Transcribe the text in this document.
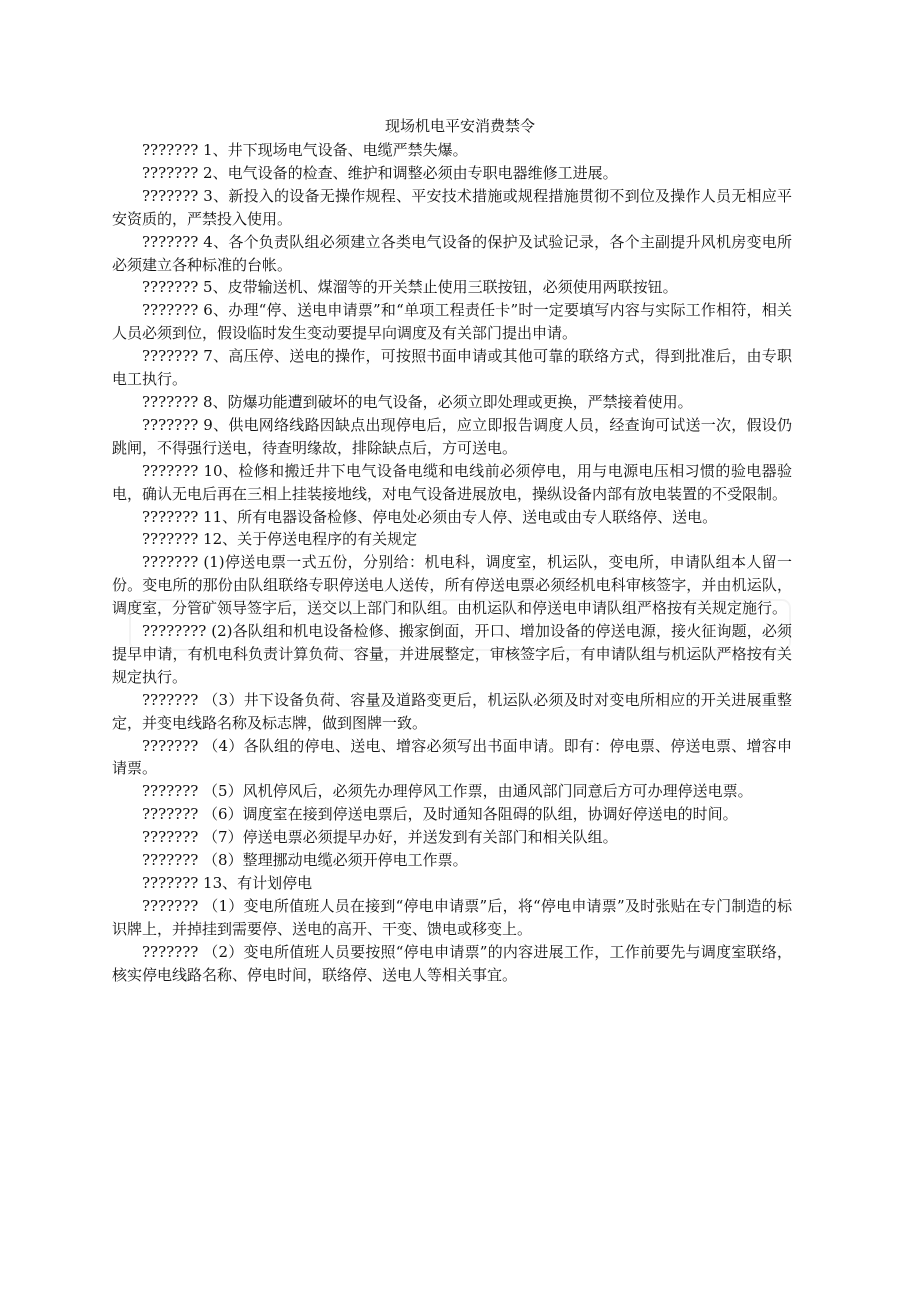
现场机电平安消费禁令

??????? 1、井下现场电气设备、电缆严禁失爆。

??????? 2、电气设备的检查、维护和调整必须由专职电器维修工进展。

??????? 3、新投入的设备无操作规程、平安技术措施或规程措施贯彻不到位及操作人员无相应平安资质的，严禁投入使用。

??????? 4、各个负责队组必须建立各类电气设备的保护及试验记录，各个主副提升风机房变电所必须建立各种标准的台帐。

??????? 5、皮带输送机、煤溜等的开关禁止使用三联按钮，必须使用两联按钮。

??????? 6、办理“停、送电申请票”和“单项工程责任卡”时一定要填写内容与实际工作相符，相关人员必须到位，假设临时发生变动要提早向调度及有关部门提出申请。

??????? 7、高压停、送电的操作，可按照书面申请或其他可靠的联络方式，得到批准后，由专职电工执行。

??????? 8、防爆功能遭到破坏的电气设备，必须立即处理或更换，严禁接着使用。

??????? 9、供电网络线路因缺点出现停电后，应立即报告调度人员，经查询可试送一次，假设仍跳闸，不得强行送电，待查明缘故，排除缺点后，方可送电。

??????? 10、检修和搬迁井下电气设备电缆和电线前必须停电，用与电源电压相习惯的验电器验电，确认无电后再在三相上挂装接地线，对电气设备进展放电，操纵设备内部有放电装置的不受限制。

??????? 11、所有电器设备检修、停电处必须由专人停、送电或由专人联络停、送电。

??????? 12、关于停送电程序的有关规定

??????? (1)停送电票一式五份，分别给：机电科，调度室，机运队，变电所，申请队组本人留一份。变电所的那份由队组联络专职停送电人送传，所有停送电票必须经机电科审核签字，并由机运队，调度室，分管矿领导签字后，送交以上部门和队组。由机运队和停送电申请队组严格按有关规定施行。

???????? (2)各队组和机电设备检修、搬家倒面，开口、增加设备的停送电源，接火征询题，必须提早申请，有机电科负责计算负荷、容量，并进展整定，审核签字后，有申请队组与机运队严格按有关规定执行。

??????? （3）井下设备负荷、容量及道路变更后，机运队必须及时对变电所相应的开关进展重整定，并变电线路名称及标志牌，做到图牌一致。

??????? （4）各队组的停电、送电、增容必须写出书面申请。即有：停电票、停送电票、增容申请票。

??????? （5）风机停风后，必须先办理停风工作票，由通风部门同意后方可办理停送电票。

??????? （6）调度室在接到停送电票后，及时通知各阻碍的队组，协调好停送电的时间。

??????? （7）停送电票必须提早办好，并送发到有关部门和相关队组。

??????? （8）整理挪动电缆必须开停电工作票。

??????? 13、有计划停电

??????? （1）变电所值班人员在接到“停电申请票”后，将“停电申请票”及时张贴在专门制造的标识牌上，并掉挂到需要停、送电的高开、干变、馈电或移变上。

??????? （2）变电所值班人员要按照“停电申请票”的内容进展工作，工作前要先与调度室联络，核实停电线路名称、停电时间，联络停、送电人等相关事宜。
